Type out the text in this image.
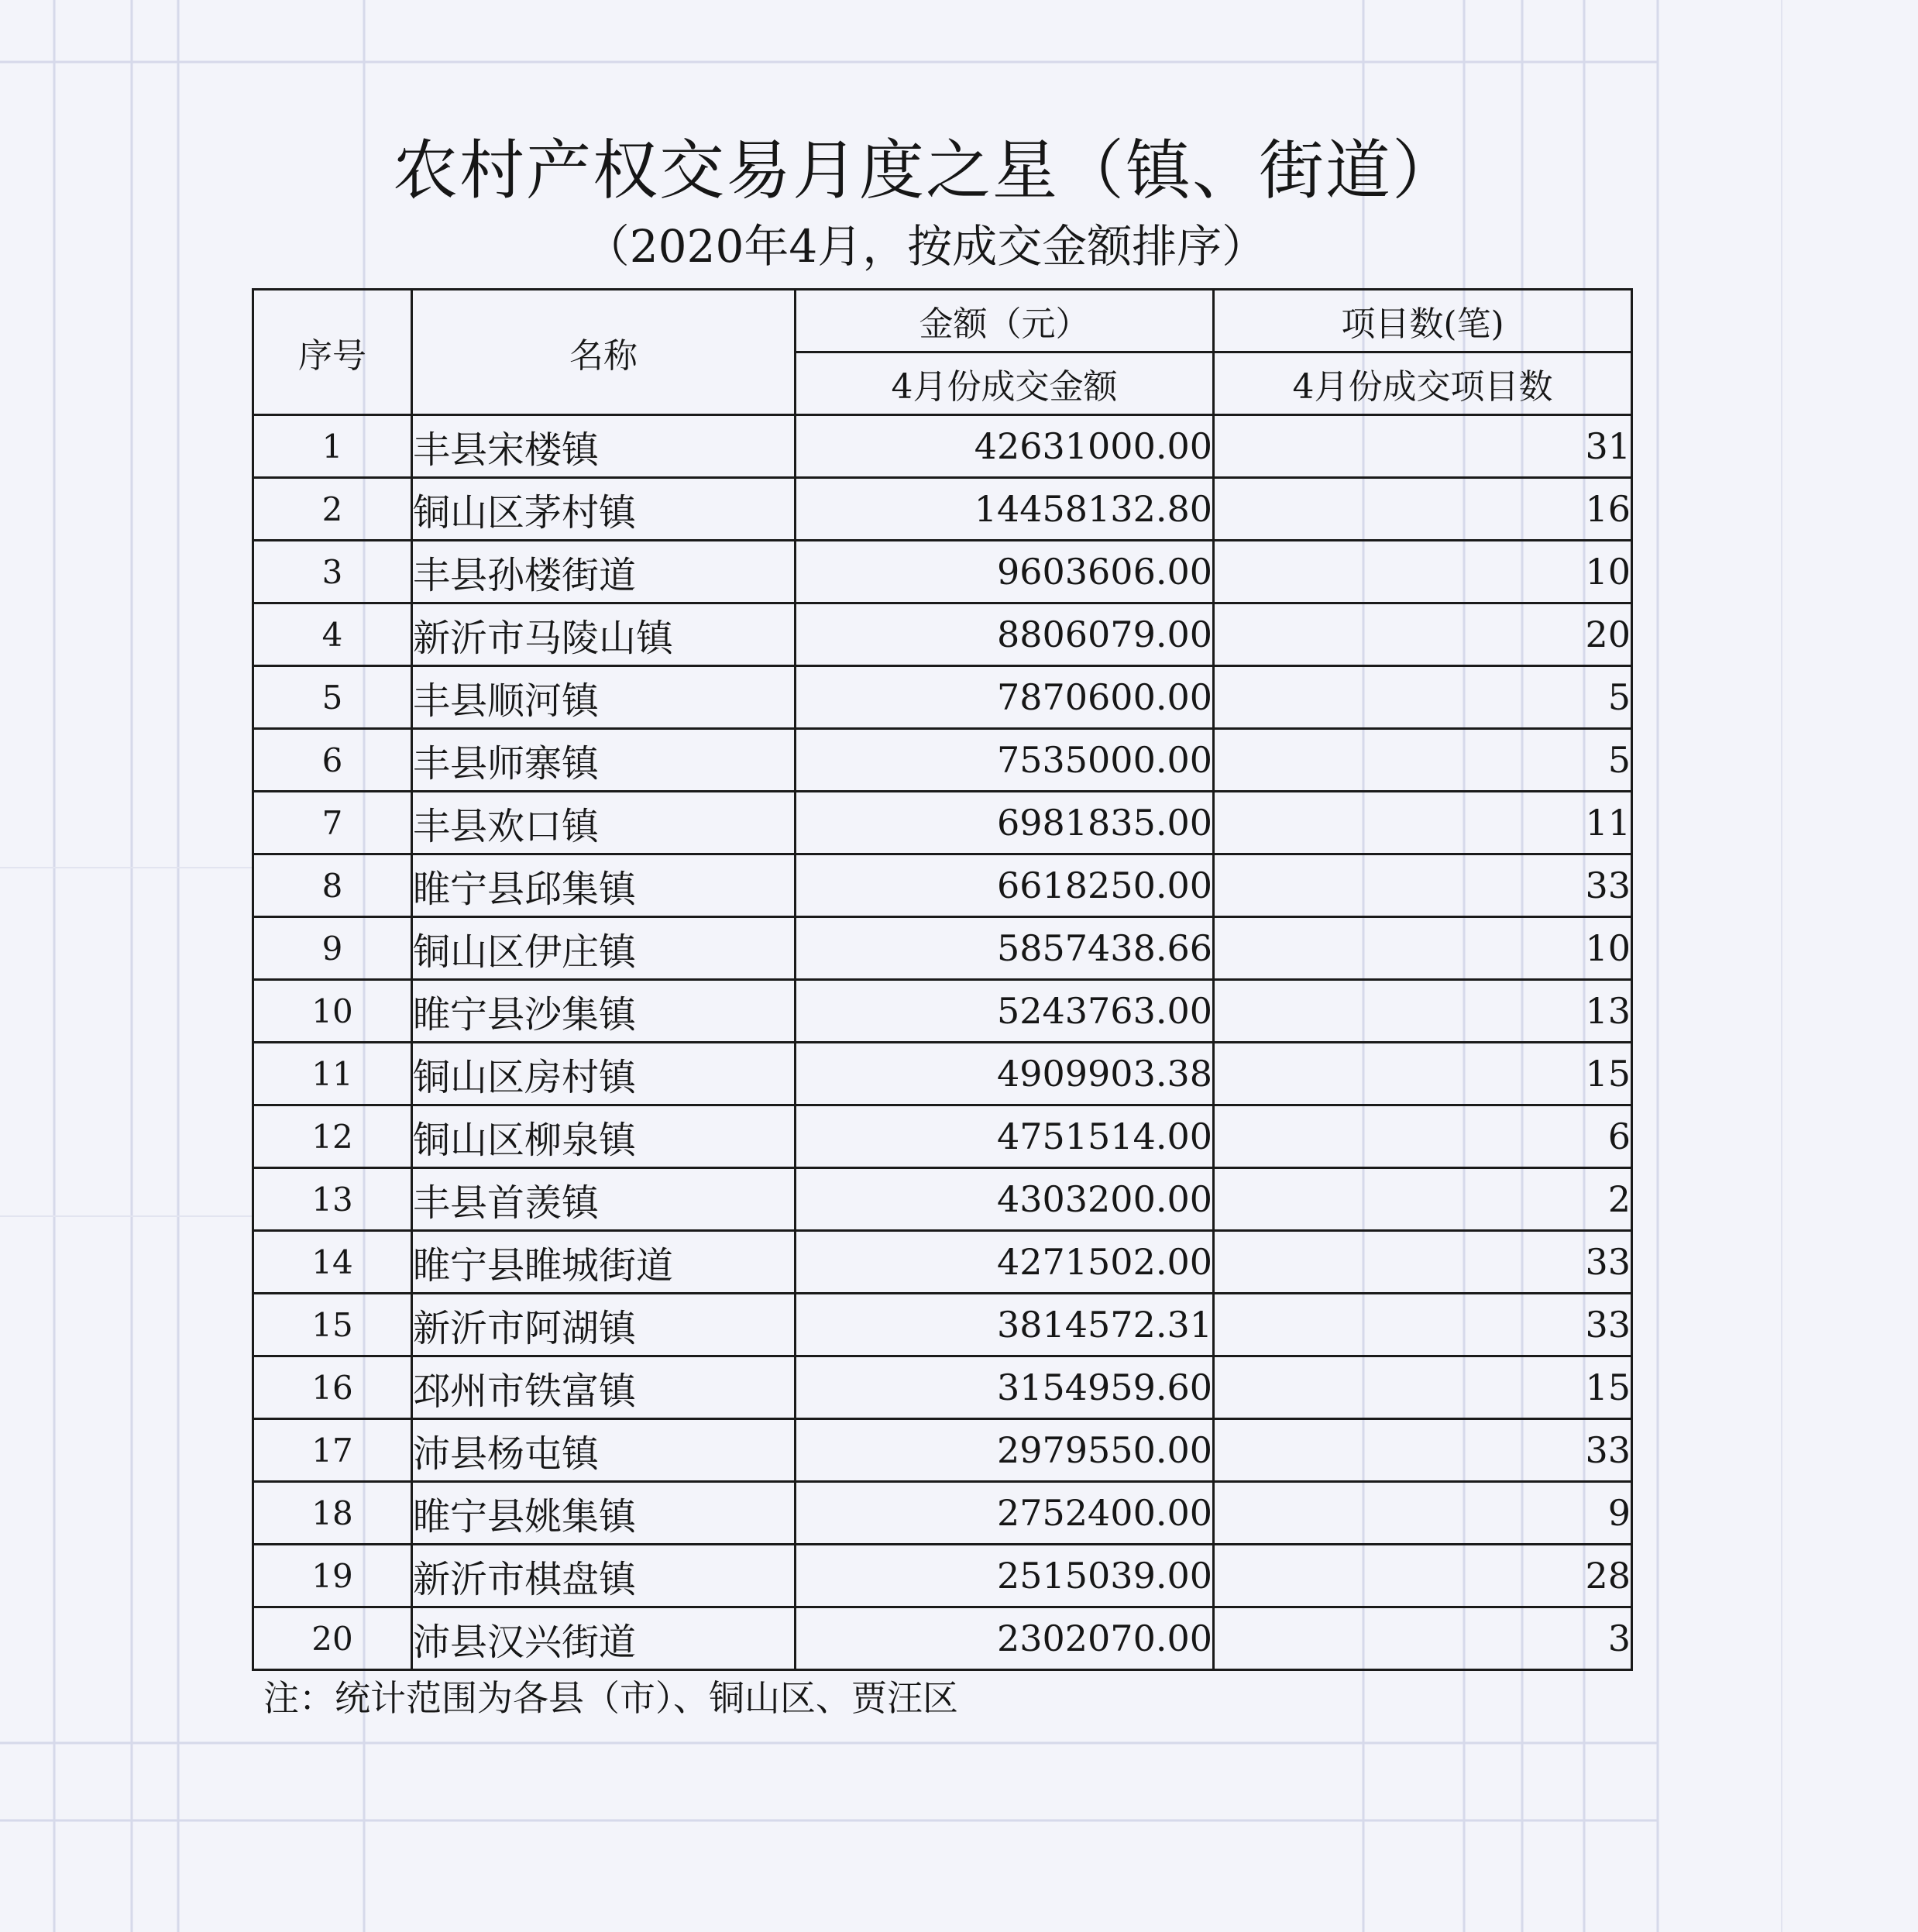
农村产权交易月度之星（镇、街道）
（2020年4月，按成交金额排序）
序号	名称	金额（元）	项目数(笔)
		4月份成交金额	4月份成交项目数
1	丰县宋楼镇	42631000.00	31
2	铜山区茅村镇	14458132.80	16
3	丰县孙楼街道	9603606.00	10
4	新沂市马陵山镇	8806079.00	20
5	丰县顺河镇	7870600.00	5
6	丰县师寨镇	7535000.00	5
7	丰县欢口镇	6981835.00	11
8	睢宁县邱集镇	6618250.00	33
9	铜山区伊庄镇	5857438.66	10
10	睢宁县沙集镇	5243763.00	13
11	铜山区房村镇	4909903.38	15
12	铜山区柳泉镇	4751514.00	6
13	丰县首羡镇	4303200.00	2
14	睢宁县睢城街道	4271502.00	33
15	新沂市阿湖镇	3814572.31	33
16	邳州市铁富镇	3154959.60	15
17	沛县杨屯镇	2979550.00	33
18	睢宁县姚集镇	2752400.00	9
19	新沂市棋盘镇	2515039.00	28
20	沛县汉兴街道	2302070.00	3
注：统计范围为各县（市）、铜山区、贾汪区
